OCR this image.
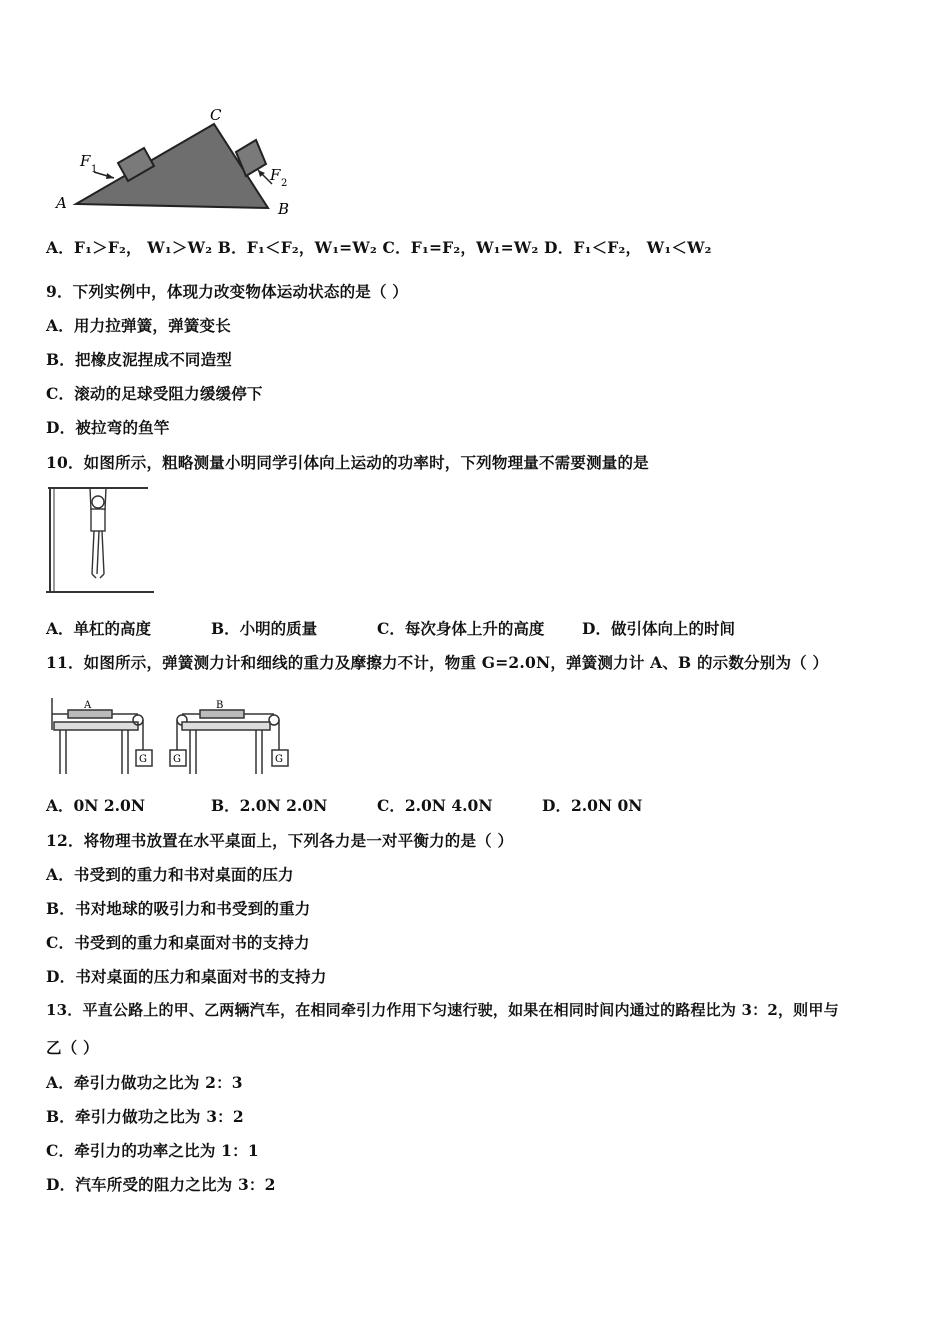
A
C
B
F 1	F 2
A．F₁＞F₂， W₁＞W₂ B．F₁＜F₂，W₁=W₂ C．F₁=F₂，W₁=W₂ D．F₁＜F₂， W₁＜W₂
9．下列实例中，体现力改变物体运动状态的是（ ）
A．用力拉弹簧，弹簧变长
B．把橡皮泥捏成不同造型
C．滚动的足球受阻力缓缓停下
D．被拉弯的鱼竿
10．如图所示，粗略测量小明同学引体向上运动的功率时，下列物理量不需要测量的是
A．单杠的高度	B．小明的质量	C．每次身体上升的高度 D．做引体向上的时间
11．如图所示，弹簧测力计和细线的重力及摩擦力不计，物重 G=2.0N，弹簧测力计 A、B 的示数分别为（ ）
A
G
B
G	G
A．0N 2.0N	B．2.0N 2.0N	C．2.0N 4.0N	D．2.0N 0N
12．将物理书放置在水平桌面上，下列各力是一对平衡力的是（ ）
A．书受到的重力和书对桌面的压力
B．书对地球的吸引力和书受到的重力
C．书受到的重力和桌面对书的支持力
D．书对桌面的压力和桌面对书的支持力
13．平直公路上的甲、乙两辆汽车，在相同牵引力作用下匀速行驶，如果在相同时间内通过的路程比为 3：2，则甲与
乙（ ）
A．牵引力做功之比为 2：3
B．牵引力做功之比为 3：2
C．牵引力的功率之比为 1：1
D．汽车所受的阻力之比为 3：2
